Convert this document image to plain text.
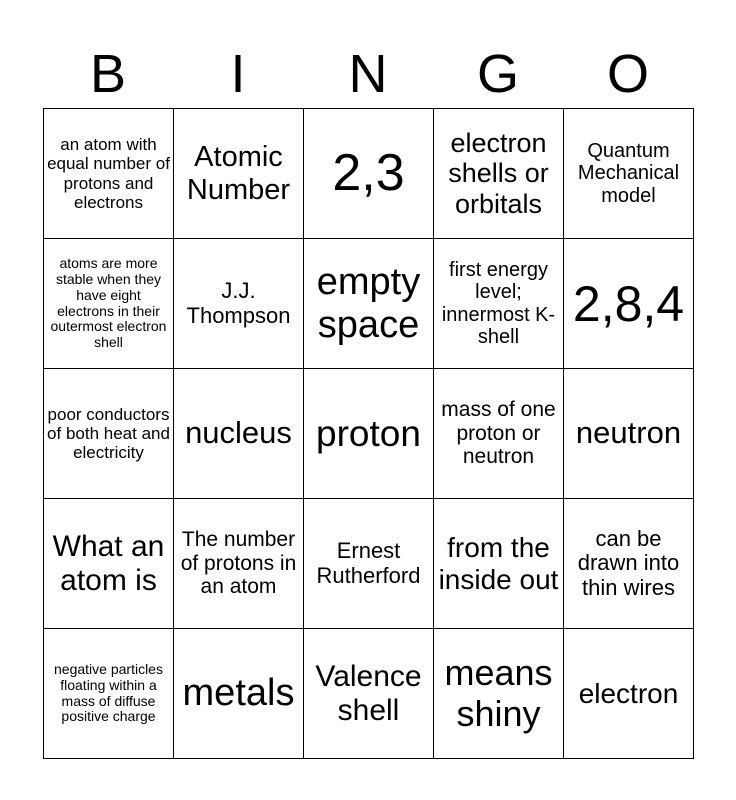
B	I	N	G	O
an atom with equal number of protons and electrons	Atomic Number	2,3	electron shells or orbitals	Quantum Mechanical model
atoms are more stable when they have eight electrons in their outermost electron shell	J.J. Thompson	empty space	first energy level; innermost K- shell	2,8,4
poor conductors of both heat and electricity	nucleus	proton	mass of one proton or neutron	neutron
What an atom is	The number of protons in an atom	Ernest Rutherford	from the inside out	can be drawn into thin wires
negative particles floating within a mass of diffuse positive charge	metals	Valence shell	means shiny	electron
